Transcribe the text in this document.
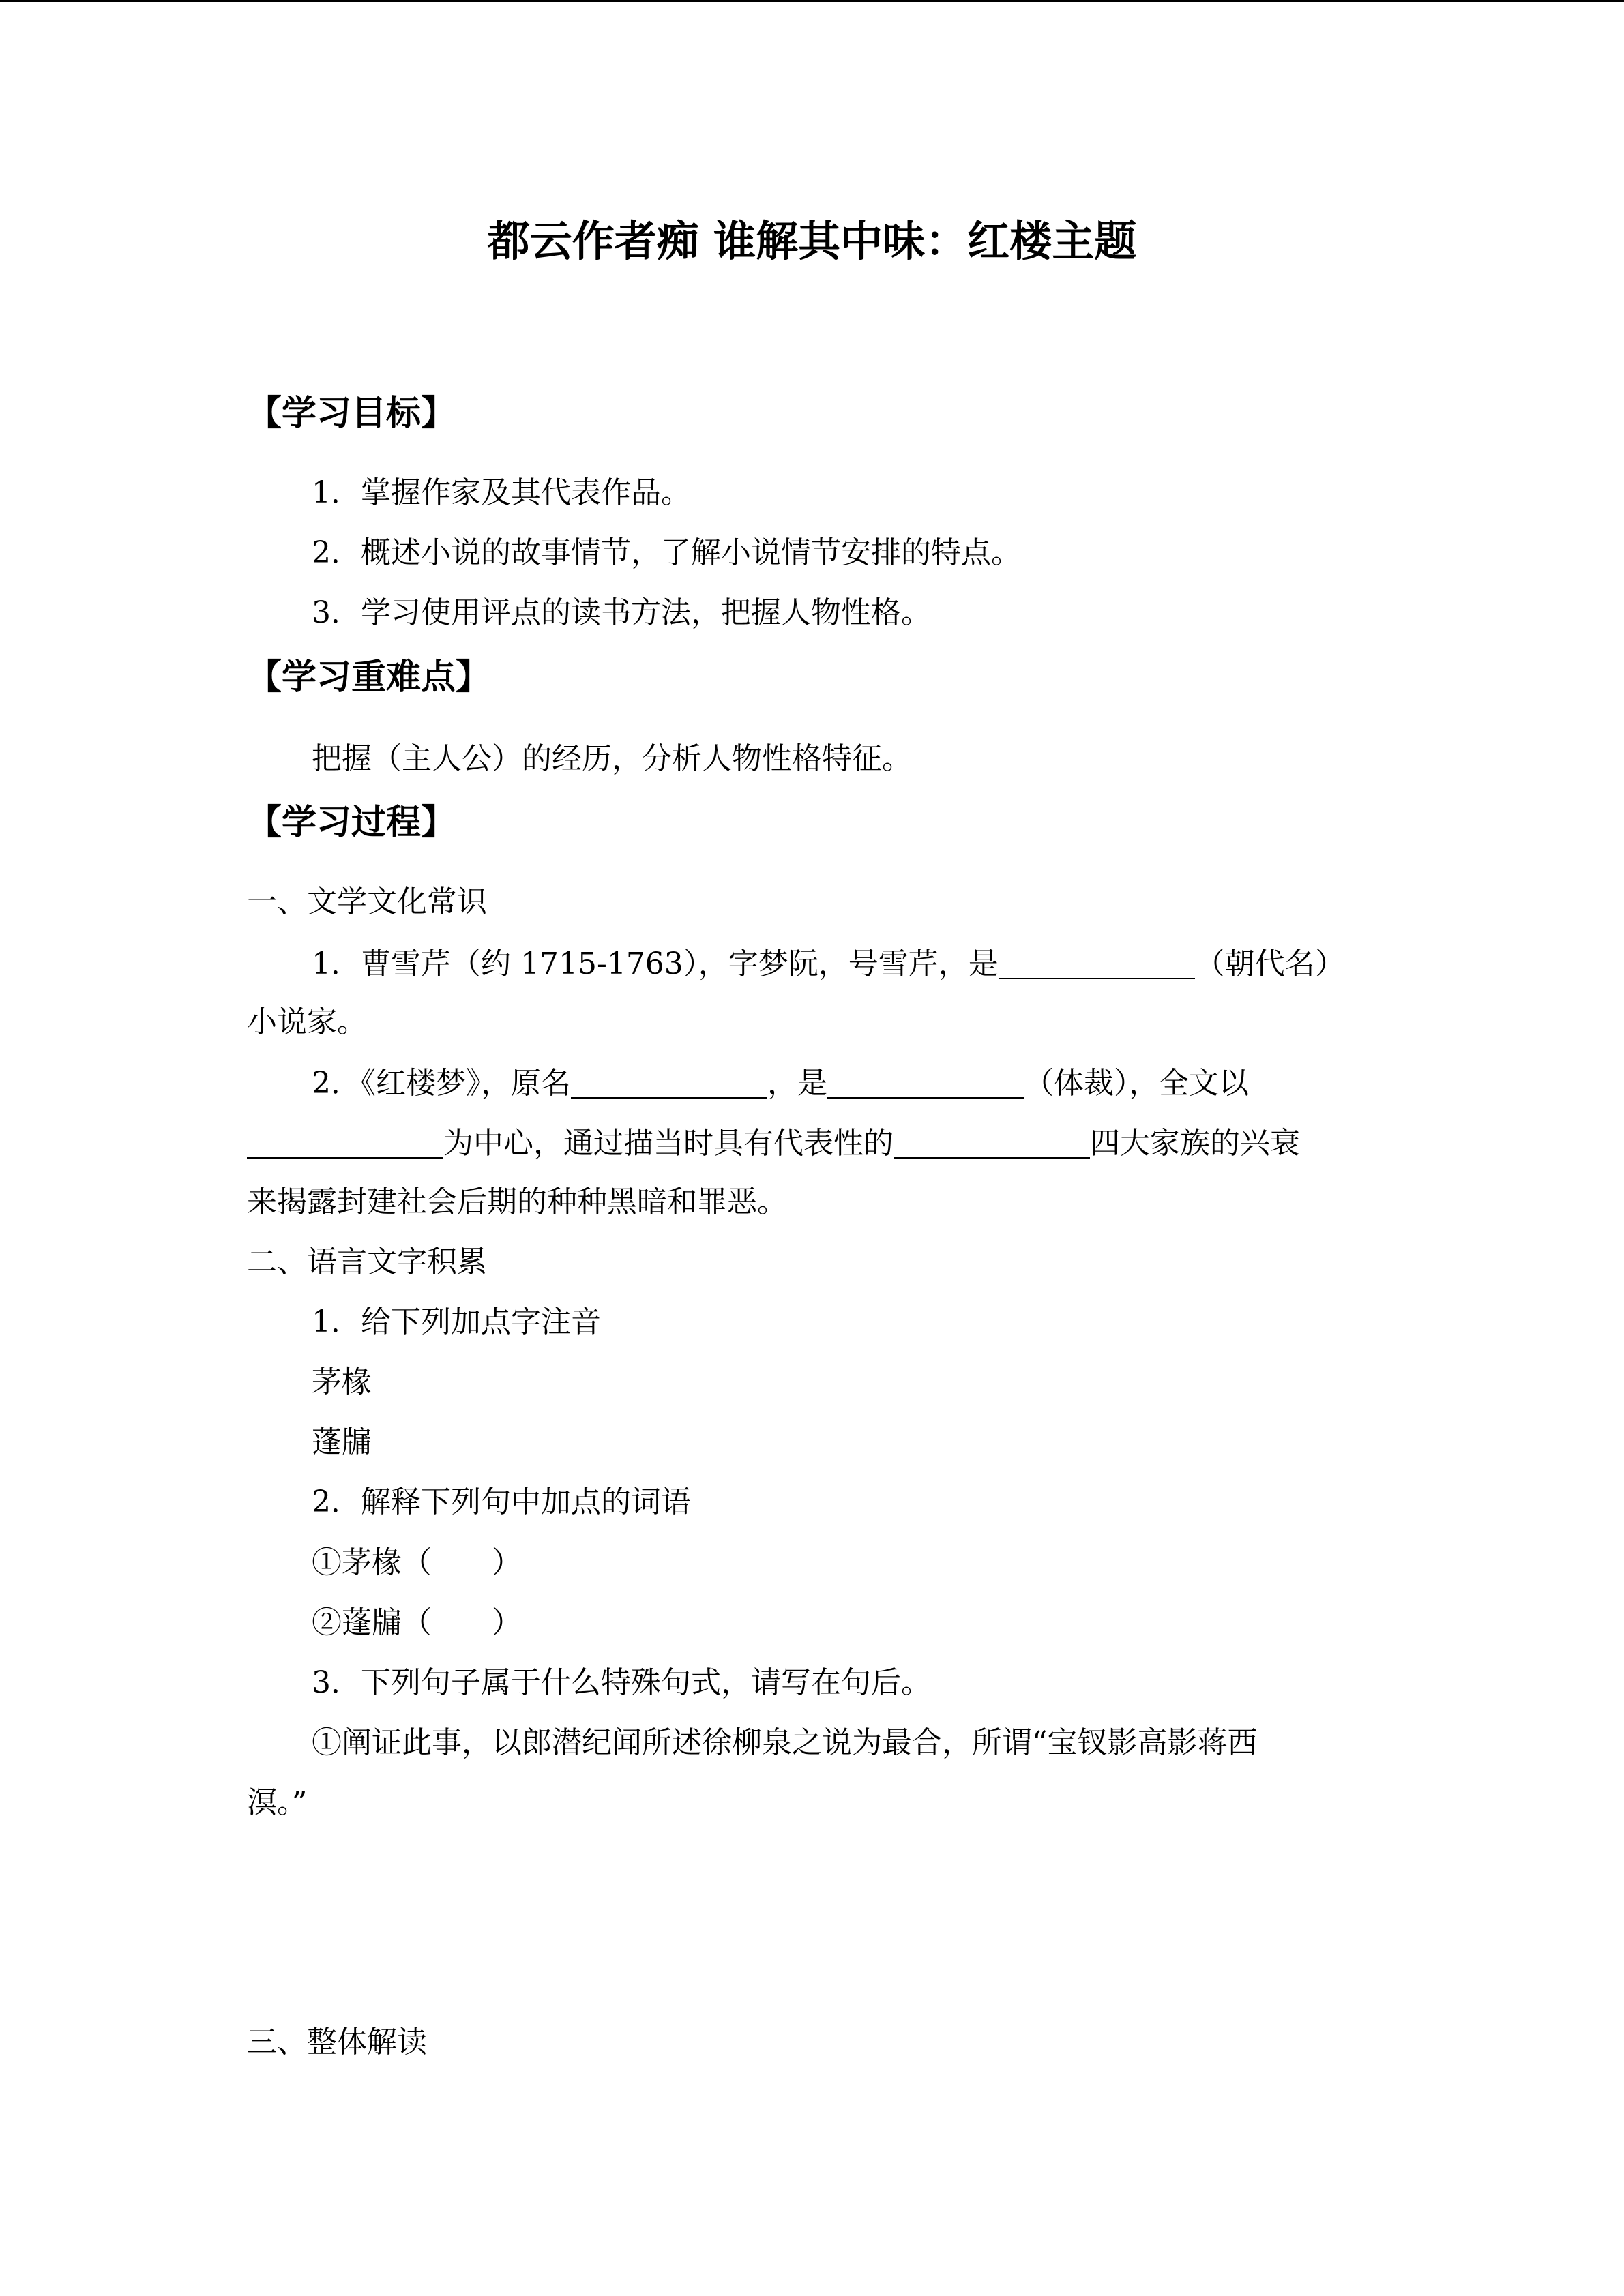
都云作者痴 谁解其中味：红楼主题
【学习目标】
1．掌握作家及其代表作品。
2．概述小说的故事情节，了解小说情节安排的特点。
3．学习使用评点的读书方法，把握人物性格。
【学习重难点】
把握（主人公）的经历，分析人物性格特征。
【学习过程】
一、文学文化常识
1．曹雪芹（约 1715-1763），字梦阮，号雪芹，是	（朝代名）
小说家。
2．《红楼梦》，原名	，是	（体裁），全文以
为中心，通过描当时具有代表性的	四大家族的兴衰
来揭露封建社会后期的种种黑暗和罪恶。
二、语言文字积累
1．给下列加点字注音
茅椽
蓬牖
2．解释下列句中加点的词语
①茅椽（ ）
②蓬牖（ ）
3．下列句子属于什么特殊句式，请写在句后。
①阐证此事，以郎潜纪闻所述徐柳泉之说为最合，所谓“宝钗影高影蒋西
溟。”
三、整体解读
